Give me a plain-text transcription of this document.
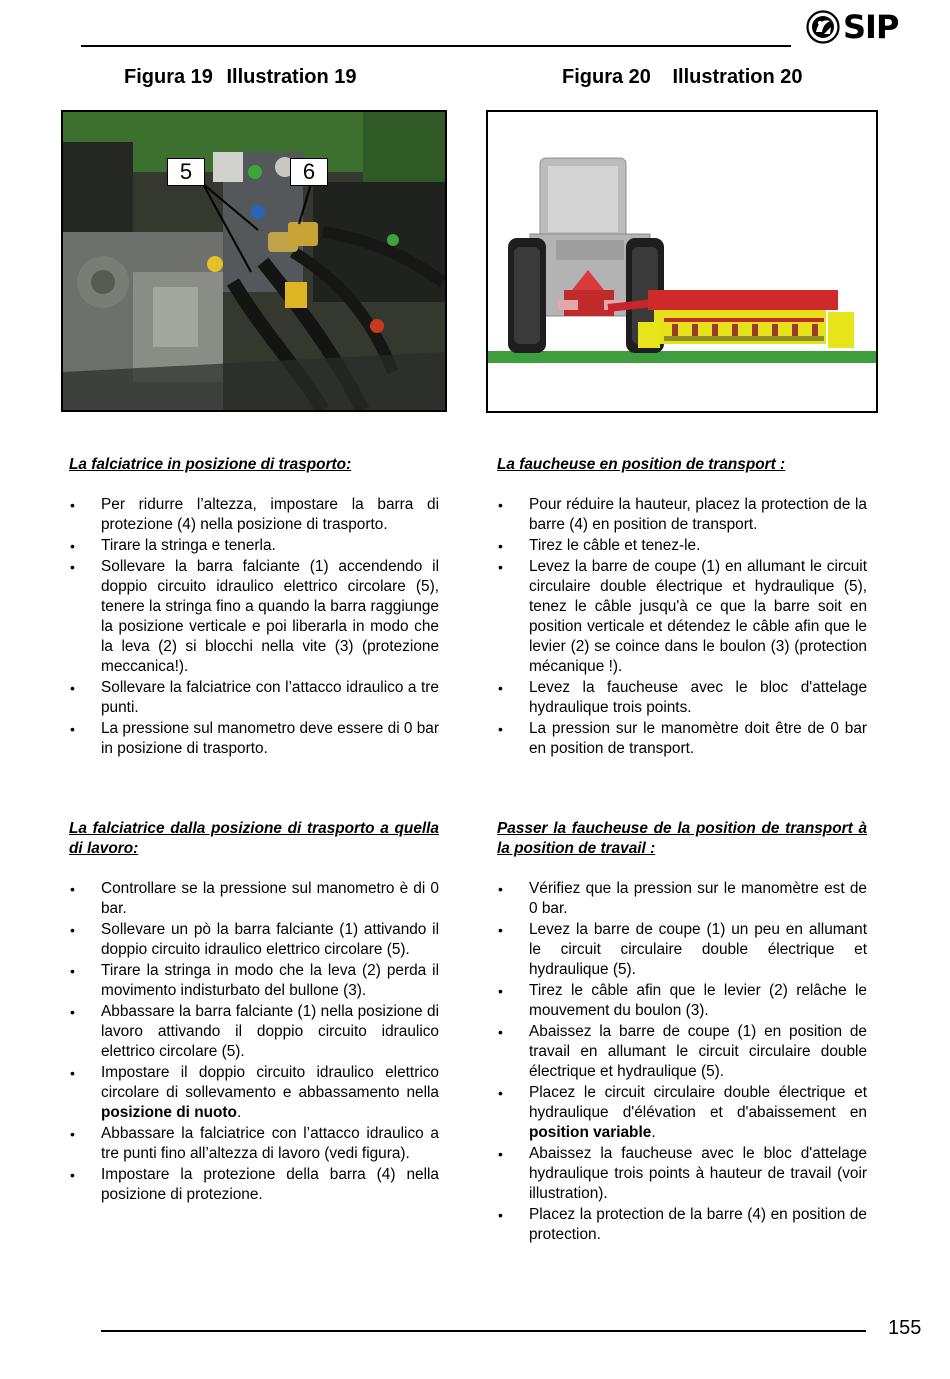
SIP
Figura 19 Illustration 19	Figura 20 Illustration 20
5	6

La falciatrice in posizione di trasporto:

• Per ridurre l’altezza, impostare la barra di protezione (4) nella posizione di trasporto.
• Tirare la stringa e tenerla.
• Sollevare la barra falciante (1) accendendo il doppio circuito idraulico elettrico circolare (5), tenere la stringa fino a quando la barra raggiunge la posizione verticale e poi liberarla in modo che la leva (2) si blocchi nella vite (3) (protezione meccanica!).
• Sollevare la falciatrice con l’attacco idraulico a tre punti.
• La pressione sul manometro deve essere di 0 bar in posizione di trasporto.

La faucheuse en position de transport :

• Pour réduire la hauteur, placez la protection de la barre (4) en position de transport.
• Tirez le câble et tenez-le.
• Levez la barre de coupe (1) en allumant le circuit circulaire double électrique et hydraulique (5), tenez le câble jusqu'à ce que la barre soit en position verticale et détendez le câble afin que le levier (2) se coince dans le boulon (3) (protection mécanique !).
• Levez la faucheuse avec le bloc d'attelage hydraulique trois points.
• La pression sur le manomètre doit être de 0 bar en position de transport.

La falciatrice dalla posizione di trasporto a quella di lavoro:

• Controllare se la pressione sul manometro è di 0 bar.
• Sollevare un pò la barra falciante (1) attivando il doppio circuito idraulico elettrico circolare (5).
• Tirare la stringa in modo che la leva (2) perda il movimento indisturbato del bullone (3).
• Abbassare la barra falciante (1) nella posizione di lavoro attivando il doppio circuito idraulico elettrico circolare (5).
• Impostare il doppio circuito idraulico elettrico circolare di sollevamento e abbassamento nella posizione di nuoto.
• Abbassare la falciatrice con l’attacco idraulico a tre punti fino all’altezza di lavoro (vedi figura).
• Impostare la protezione della barra (4) nella posizione di protezione.

Passer la faucheuse de la position de transport à la position de travail :

• Vérifiez que la pression sur le manomètre est de 0 bar.
• Levez la barre de coupe (1) un peu en allumant le circuit circulaire double électrique et hydraulique (5).
• Tirez le câble afin que le levier (2) relâche le mouvement du boulon (3).
• Abaissez la barre de coupe (1) en position de travail en allumant le circuit circulaire double électrique et hydraulique (5).
• Placez le circuit circulaire double électrique et hydraulique d'élévation et d'abaissement en position variable.
• Abaissez la faucheuse avec le bloc d'attelage hydraulique trois points à hauteur de travail (voir illustration).
• Placez la protection de la barre (4) en position de protection.
155
